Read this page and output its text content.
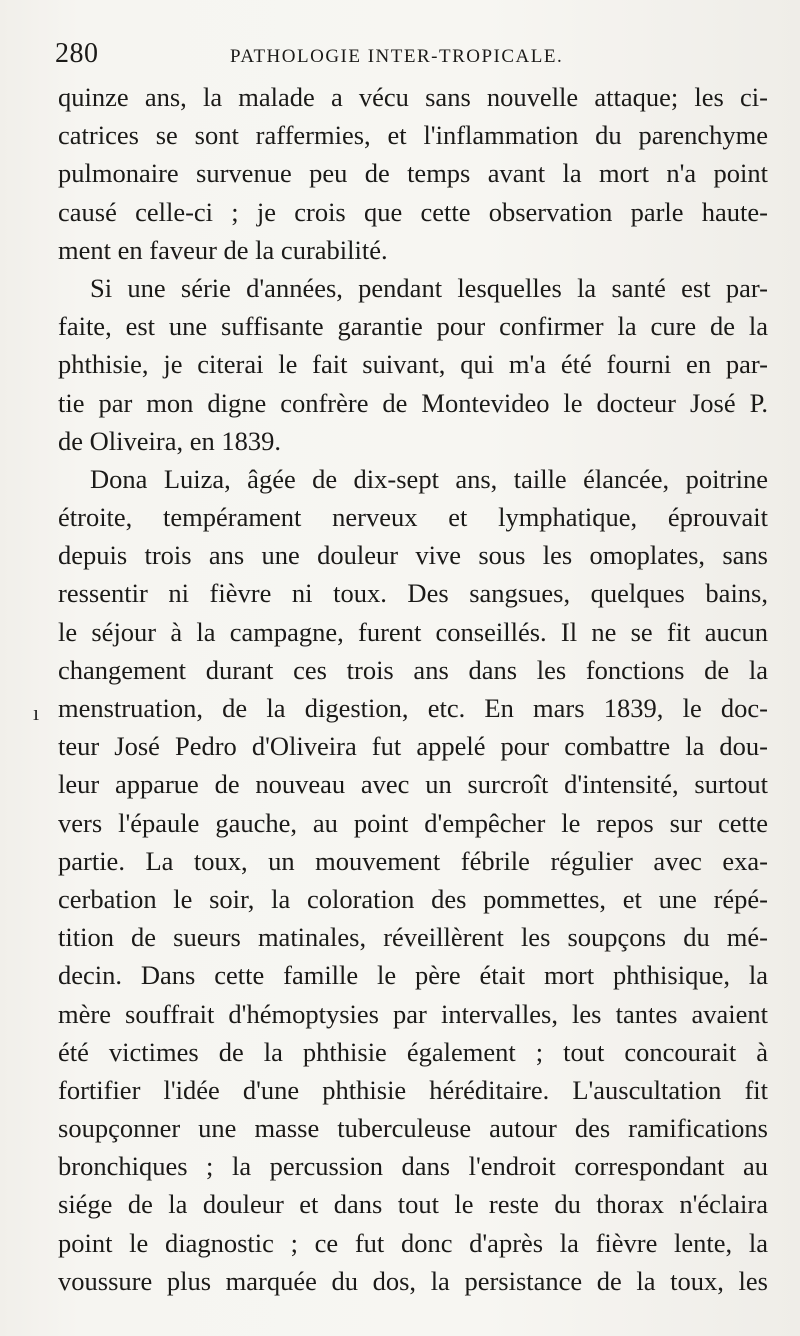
280	PATHOLOGIE INTER-TROPICALE.
ı
quinze ans, la malade a vécu sans nouvelle attaque; les ci-
catrices se sont raffermies, et l'inflammation du parenchyme
pulmonaire survenue peu de temps avant la mort n'a point
causé celle-ci ; je crois que cette observation parle haute-
ment en faveur de la curabilité.
Si une série d'années, pendant lesquelles la santé est par-
faite, est une suffisante garantie pour confirmer la cure de la
phthisie, je citerai le fait suivant, qui m'a été fourni en par-
tie par mon digne confrère de Montevideo le docteur José P.
de Oliveira, en 1839.
Dona Luiza, âgée de dix-sept ans, taille élancée, poitrine
étroite, tempérament nerveux et lymphatique, éprouvait
depuis trois ans une douleur vive sous les omoplates, sans
ressentir ni fièvre ni toux. Des sangsues, quelques bains,
le séjour à la campagne, furent conseillés. Il ne se fit aucun
changement durant ces trois ans dans les fonctions de la
menstruation, de la digestion, etc. En mars 1839, le doc-
teur José Pedro d'Oliveira fut appelé pour combattre la dou-
leur apparue de nouveau avec un surcroît d'intensité, surtout
vers l'épaule gauche, au point d'empêcher le repos sur cette
partie. La toux, un mouvement fébrile régulier avec exa-
cerbation le soir, la coloration des pommettes, et une répé-
tition de sueurs matinales, réveillèrent les soupçons du mé-
decin. Dans cette famille le père était mort phthisique, la
mère souffrait d'hémoptysies par intervalles, les tantes avaient
été victimes de la phthisie également ; tout concourait à
fortifier l'idée d'une phthisie héréditaire. L'auscultation fit
soupçonner une masse tuberculeuse autour des ramifications
bronchiques ; la percussion dans l'endroit correspondant au
siége de la douleur et dans tout le reste du thorax n'éclaira
point le diagnostic ; ce fut donc d'après la fièvre lente, la
voussure plus marquée du dos, la persistance de la toux, les
